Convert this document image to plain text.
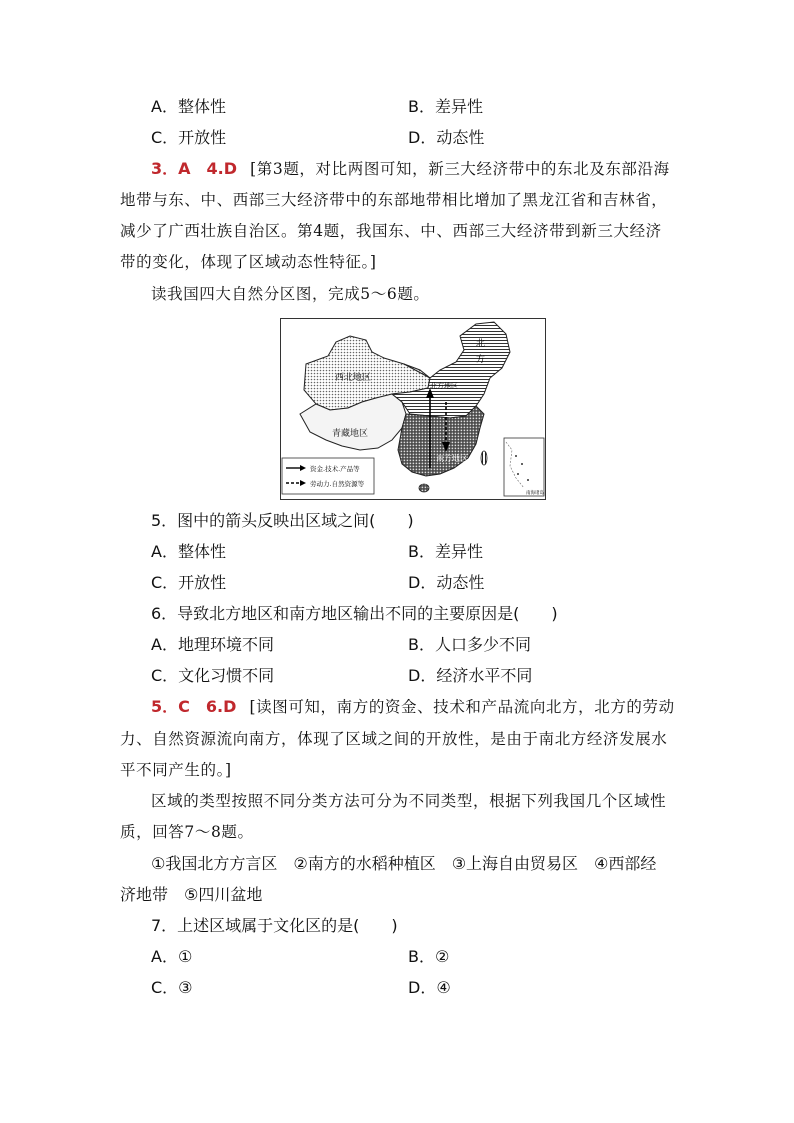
A．整体性	B．差异性
C．开放性	D．动态性
3．A　4.D [第3题，对比两图可知，新三大经济带中的东北及东部沿海
地带与东、中、西部三大经济带中的东部地带相比增加了黑龙江省和吉林省，
减少了广西壮族自治区。第4题，我国东、中、西部三大经济带到新三大经济
带的变化，体现了区域动态性特征。]
读我国四大自然分区图，完成5～6题。
西北地区
青藏地区
北方地区
南方地区
北
方
资金.技术.产品等
劳动力.自然资源等
南海诸岛
5．图中的箭头反映出区域之间(　　)
A．整体性	B．差异性
C．开放性	D．动态性
6．导致北方地区和南方地区输出不同的主要原因是(　　)
A．地理环境不同	B．人口多少不同
C．文化习惯不同	D．经济水平不同
5．C　6.D [读图可知，南方的资金、技术和产品流向北方，北方的劳动
力、自然资源流向南方，体现了区域之间的开放性，是由于南北方经济发展水
平不同产生的。]
区域的类型按照不同分类方法可分为不同类型，根据下列我国几个区域性
质，回答7～8题。
①我国北方方言区　②南方的水稻种植区　③上海自由贸易区　④西部经
济地带　⑤四川盆地
7．上述区域属于文化区的是(　　)
A．①	B．②
C．③	D．④
